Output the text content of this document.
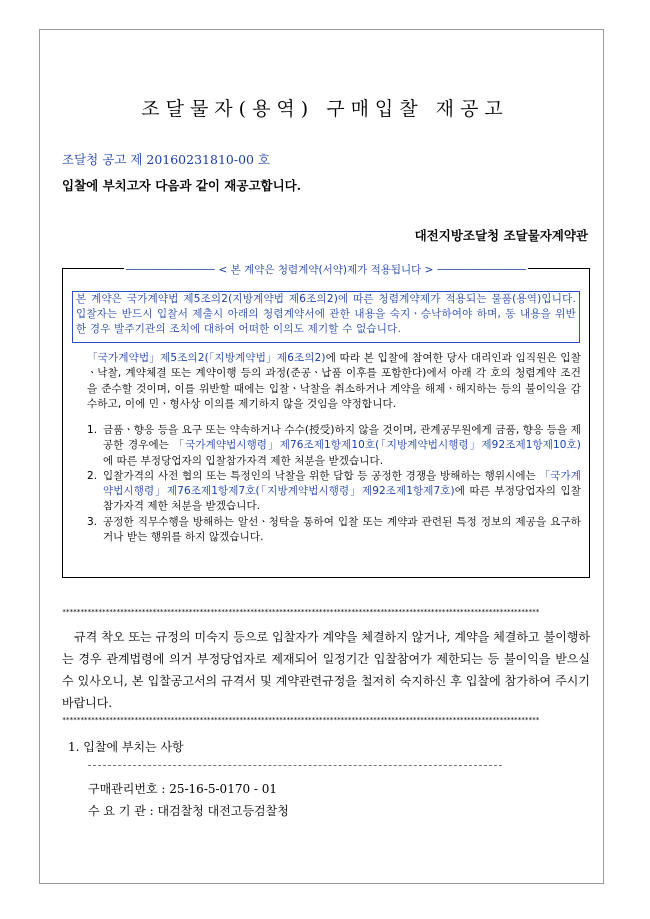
조달물자(용역) 구매입찰 재공고
조달청 공고 제 20160231810-00 호
입찰에 부치고자 다음과 같이 재공고합니다.
대전지방조달청 조달물자계약관
────────────── < 본 계약은 청렴계약(서약)제가 적용됩니다 > ──────────────
본 계약은 국가계약법 제5조의2(지방계약법 제6조의2)에 따른 청렴계약제가 적용되는 물품(용역)입니다. 입찰자는 반드시 입찰서 제출시 아래의 청렴계약서에 관한 내용을 숙지ㆍ승낙하여야 하며, 동 내용을 위반한 경우 발주기관의 조치에 대하여 어떠한 이의도 제기할 수 없습니다.
「국가계약법」제5조의2(「지방계약법」제6조의2)에 따라 본 입찰에 참여한 당사 대리인과 임직원은 입찰ㆍ낙찰, 계약체결 또는 계약이행 등의 과정(준공ㆍ납품 이후를 포함한다)에서 아래 각 호의 청렴계약 조건을 준수할 것이며, 이를 위반할 때에는 입찰ㆍ낙찰을 취소하거나 계약을 해제ㆍ해지하는 등의 불이익을 감수하고, 이에 민ㆍ형사상 이의를 제기하지 않을 것임을 약정합니다.
1. 금품ㆍ향응 등을 요구 또는 약속하거나 수수(授受)하지 않을 것이며, 관계공무원에게 금품, 향응 등을 제공한 경우에는 「국가계약법시행령」제76조제1항제10호(「지방계약법시행령」제92조제1항제10호)에 따른 부정당업자의 입찰참가자격 제한 처분을 받겠습니다.
2. 입찰가격의 사전 협의 또는 특정인의 낙찰을 위한 담합 등 공정한 경쟁을 방해하는 행위시에는 「국가계약법시행령」제76조제1항제7호(「지방계약법시행령」제92조제1항제7호)에 따른 부정당업자의 입찰참가자격 제한 처분을 받겠습니다.
3. 공정한 직무수행을 방해하는 알선ㆍ청탁을 통하여 입찰 또는 계약과 관련된 특정 정보의 제공을 요구하거나 받는 행위를 하지 않겠습니다.
************************************************************************************************************************************
규격 착오 또는 규정의 미숙지 등으로 입찰자가 계약을 체결하지 않거나, 계약을 체결하고 불이행하는 경우 관계법령에 의거 부정당업자로 제재되어 일정기간 입찰참여가 제한되는 등 불이익을 받으실 수 있사오니, 본 입찰공고서의 규격서 및 계약관련규정을 철저히 숙지하신 후 입찰에 참가하여 주시기 바랍니다.
************************************************************************************************************************************
1. 입찰에 부치는 사항
구매관리번호 : 25-16-5-0170 - 01
수 요 기 관 : 대검찰청 대전고등검찰청
